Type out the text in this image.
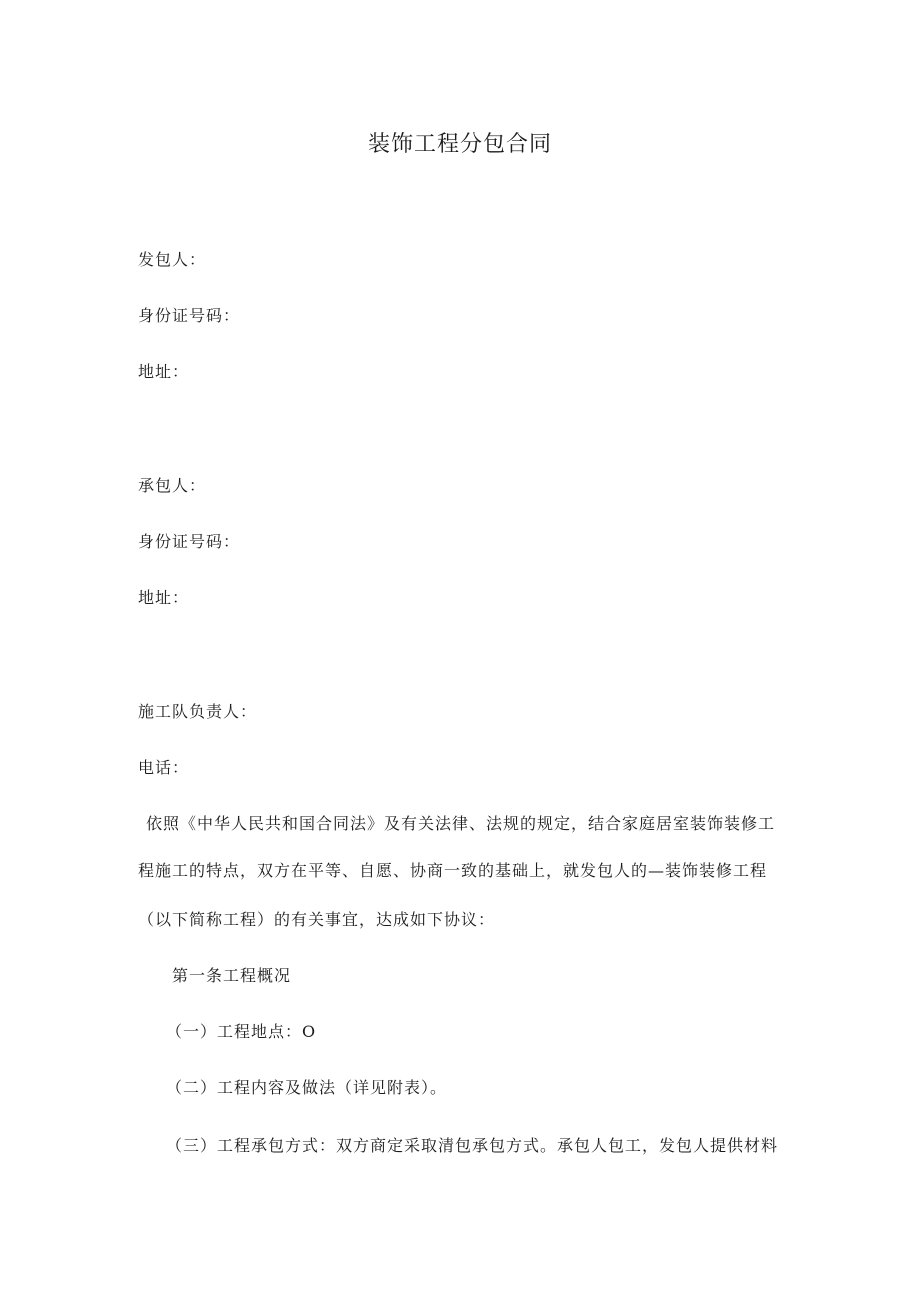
装饰工程分包合同
发包人：
身份证号码：
地址：
承包人：
身份证号码：
地址：
施工队负责人：
电话：
依照《中华人民共和国合同法》及有关法律、法规的规定，结合家庭居室装饰装修工
程施工的特点，双方在平等、自愿、协商一致的基础上，就发包人的—装饰装修工程
（以下简称工程）的有关事宜，达成如下协议：
第一条工程概况
（一）工程地点：O
（二）工程内容及做法（详见附表）。
（三）工程承包方式：双方商定采取清包承包方式。承包人包工，发包人提供材料
